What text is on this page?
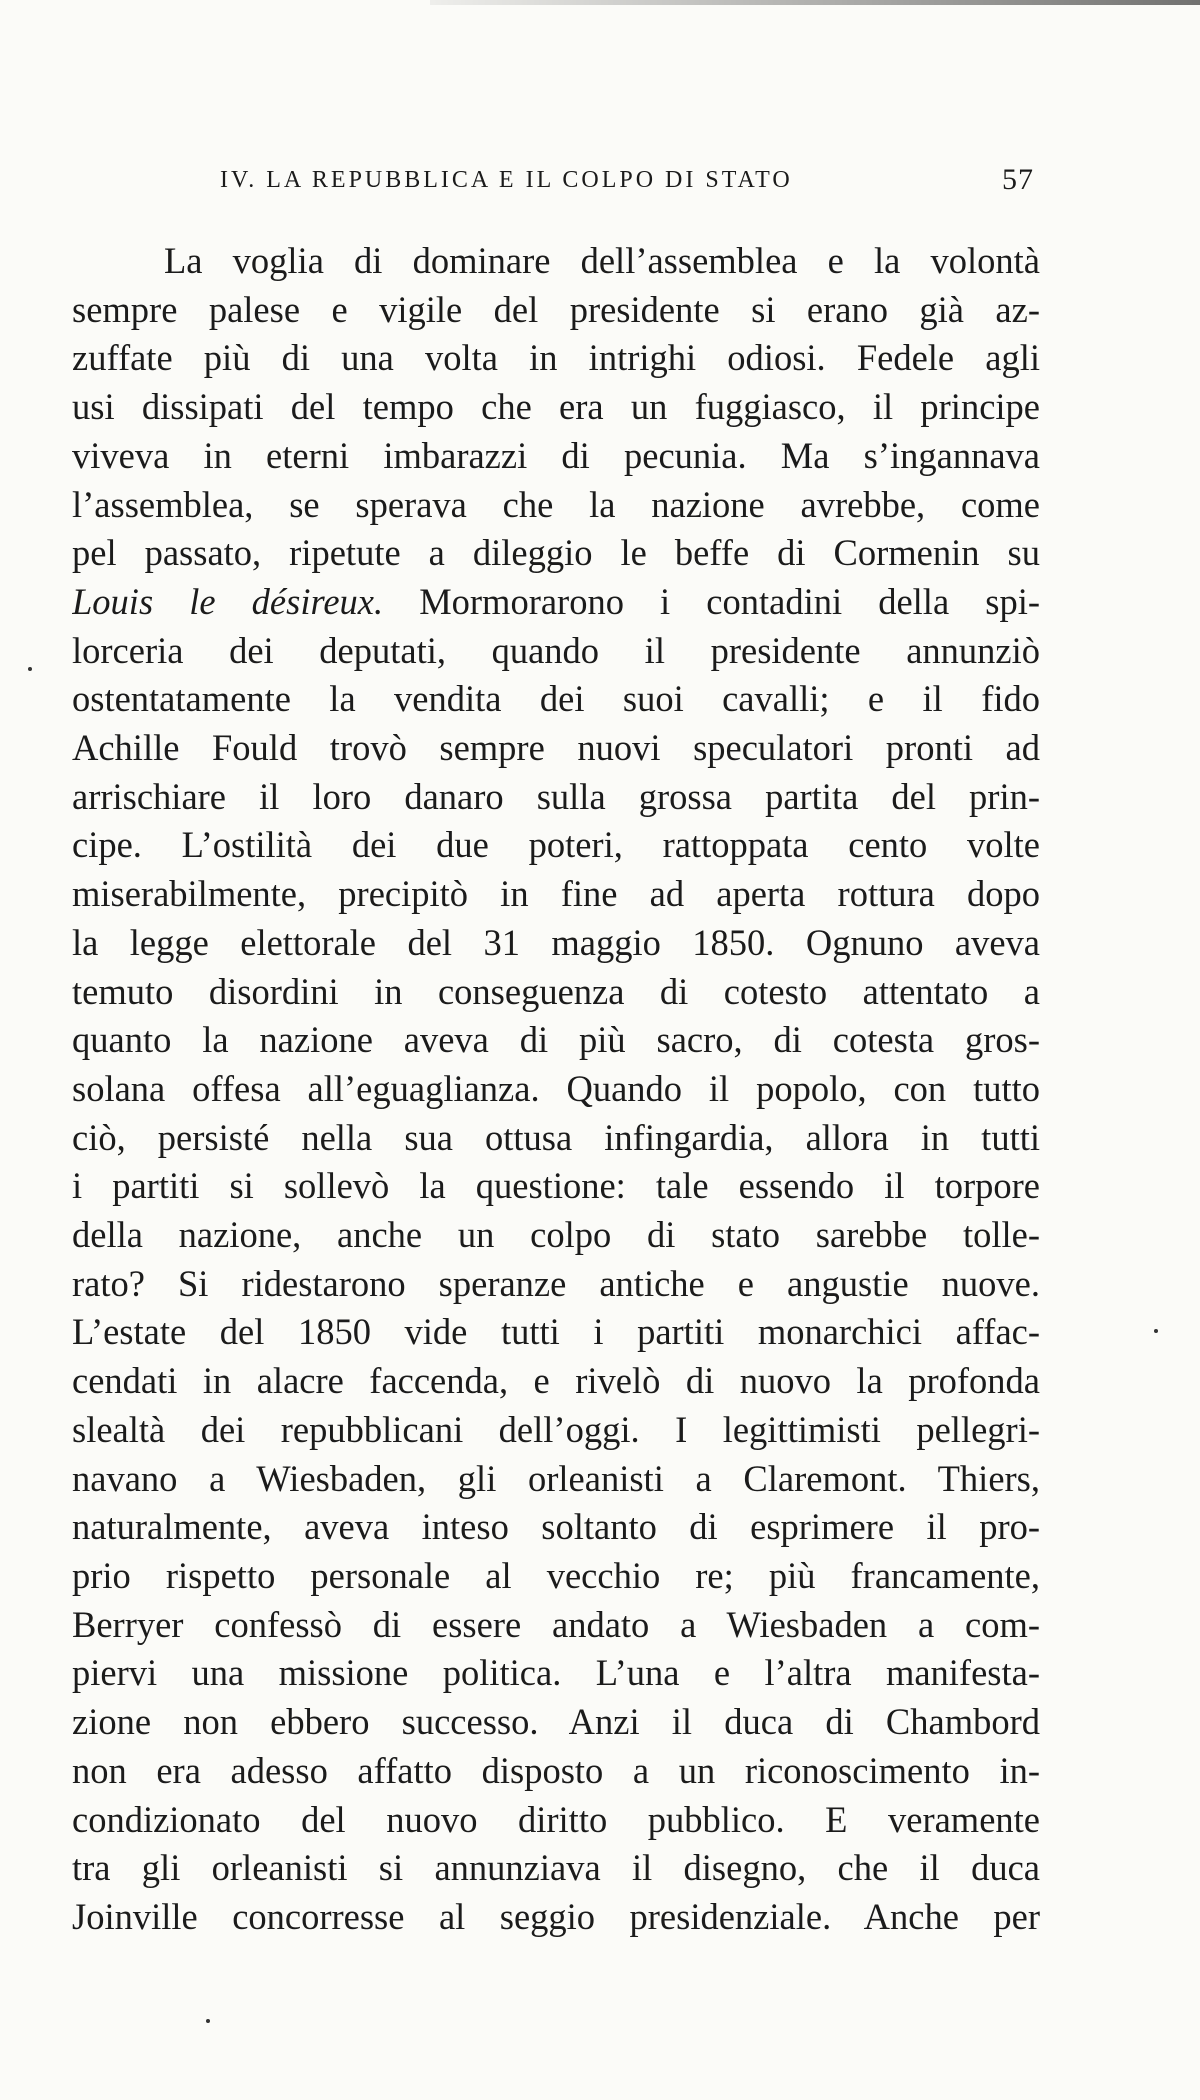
IV. LA REPUBBLICA E IL COLPO DI STATO	57
La voglia di dominare dell’assemblea e la volontà
sempre palese e vigile del presidente si erano già az-
zuffate più di una volta in intrighi odiosi. Fedele agli
usi dissipati del tempo che era un fuggiasco, il principe
viveva in eterni imbarazzi di pecunia. Ma s’ingannava
l’assemblea, se sperava che la nazione avrebbe, come
pel passato, ripetute a dileggio le beffe di Cormenin su
Louis le désireux. Mormorarono i contadini della spi-
lorceria dei deputati, quando il presidente annunziò
ostentatamente la vendita dei suoi cavalli; e il fido
Achille Fould trovò sempre nuovi speculatori pronti ad
arrischiare il loro danaro sulla grossa partita del prin-
cipe. L’ostilità dei due poteri, rattoppata cento volte
miserabilmente, precipitò in fine ad aperta rottura dopo
la legge elettorale del 31 maggio 1850. Ognuno aveva
temuto disordini in conseguenza di cotesto attentato a
quanto la nazione aveva di più sacro, di cotesta gros-
solana offesa all’eguaglianza. Quando il popolo, con tutto
ciò, persisté nella sua ottusa infingardia, allora in tutti
i partiti si sollevò la questione: tale essendo il torpore
della nazione, anche un colpo di stato sarebbe tolle-
rato? Si ridestarono speranze antiche e angustie nuove.
L’estate del 1850 vide tutti i partiti monarchici affac-
cendati in alacre faccenda, e rivelò di nuovo la profonda
slealtà dei repubblicani dell’oggi. I legittimisti pellegri-
navano a Wiesbaden, gli orleanisti a Claremont. Thiers,
naturalmente, aveva inteso soltanto di esprimere il pro-
prio rispetto personale al vecchio re; più francamente,
Berryer confessò di essere andato a Wiesbaden a com-
piervi una missione politica. L’una e l’altra manifesta-
zione non ebbero successo. Anzi il duca di Chambord
non era adesso affatto disposto a un riconoscimento in-
condizionato del nuovo diritto pubblico. E veramente
tra gli orleanisti si annunziava il disegno, che il duca
Joinville concorresse al seggio presidenziale. Anche per
